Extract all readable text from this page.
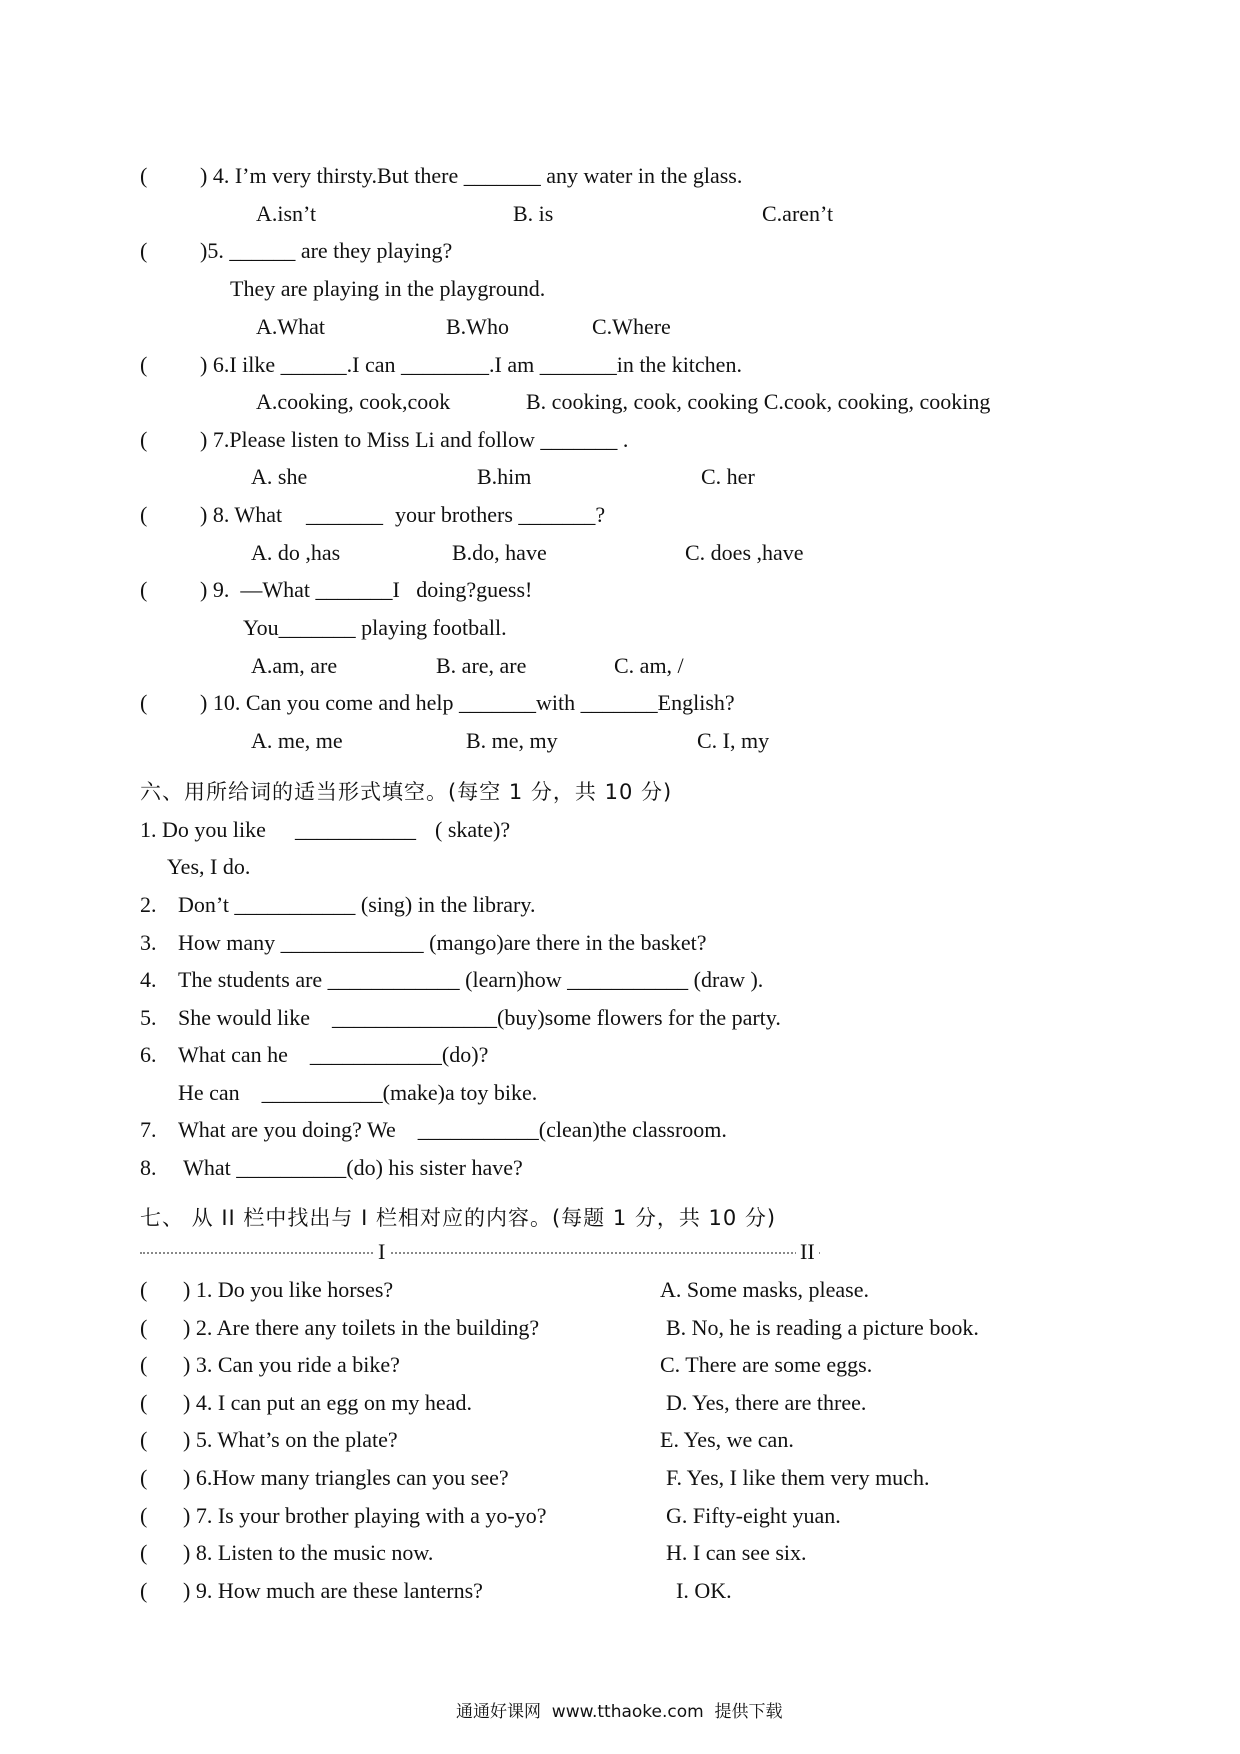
(

) 4. I’m very thirsty.But there _______ any water in the glass.

A.isn’t

	B. is

	C.aren’t

(

)5. ______ are they playing?

They are playing in the playground.

A.What

	B.Who

	C.Where

(

) 6.I ilke ______.I can ________.I am _______in the kitchen.

A.cooking, cook,cook

	B. cooking, cook, cooking C.cook, cooking, cooking

(

) 7.Please listen to Miss Li and follow _______ .

A. she

	B.him

	C. her

(

) 8. What

_______

your brothers _______?

A. do ,has

	B.do, have

	C. does ,have

(

) 9.  —What _______I   doing?guess!

You_______ playing football.

A.am, are

	B. are, are

	C. am, /

(

) 10. Can you come and help _______with _______English?

A. me, me

	B. me, my

	C. I, my

六、用所给词的适当形式填空。(每空 1 分，共 10 分)

1. Do you like

___________

( skate)?

Yes, I do.

2.

Don’t ___________ (sing) in the library.

3.

How many _____________ (mango)are there in the basket?

4.

The students are ____________ (learn)how ___________ (draw ).

5.

She would like    _______________(buy)some flowers for the party.

6.

What can he    ____________(do)?

He can    ___________(make)a toy bike.

7.

What are you doing? We    ___________(clean)the classroom.

8.

What __________(do) his sister have?

七、 从 II 栏中找出与 I 栏相对应的内容。(每题 1 分，共 10 分)
I	II
( ) 1. Do you like horses?	A. Some masks, please.
( ) 2. Are there any toilets in the building?	B. No, he is reading a picture book.
( ) 3. Can you ride a bike?	C. There are some eggs.
( ) 4. I can put an egg on my head.	D. Yes, there are three.
( ) 5. What’s on the plate?	E. Yes, we can.
( ) 6.How many triangles can you see?	F. Yes, I like them very much.
( ) 7. Is your brother playing with a yo-yo?	G. Fifty-eight yuan.
( ) 8. Listen to the music now.	H. I can see six.
( ) 9. How much are these lanterns?	I. OK.
通通好课网  www.tthaoke.com  提供下载
